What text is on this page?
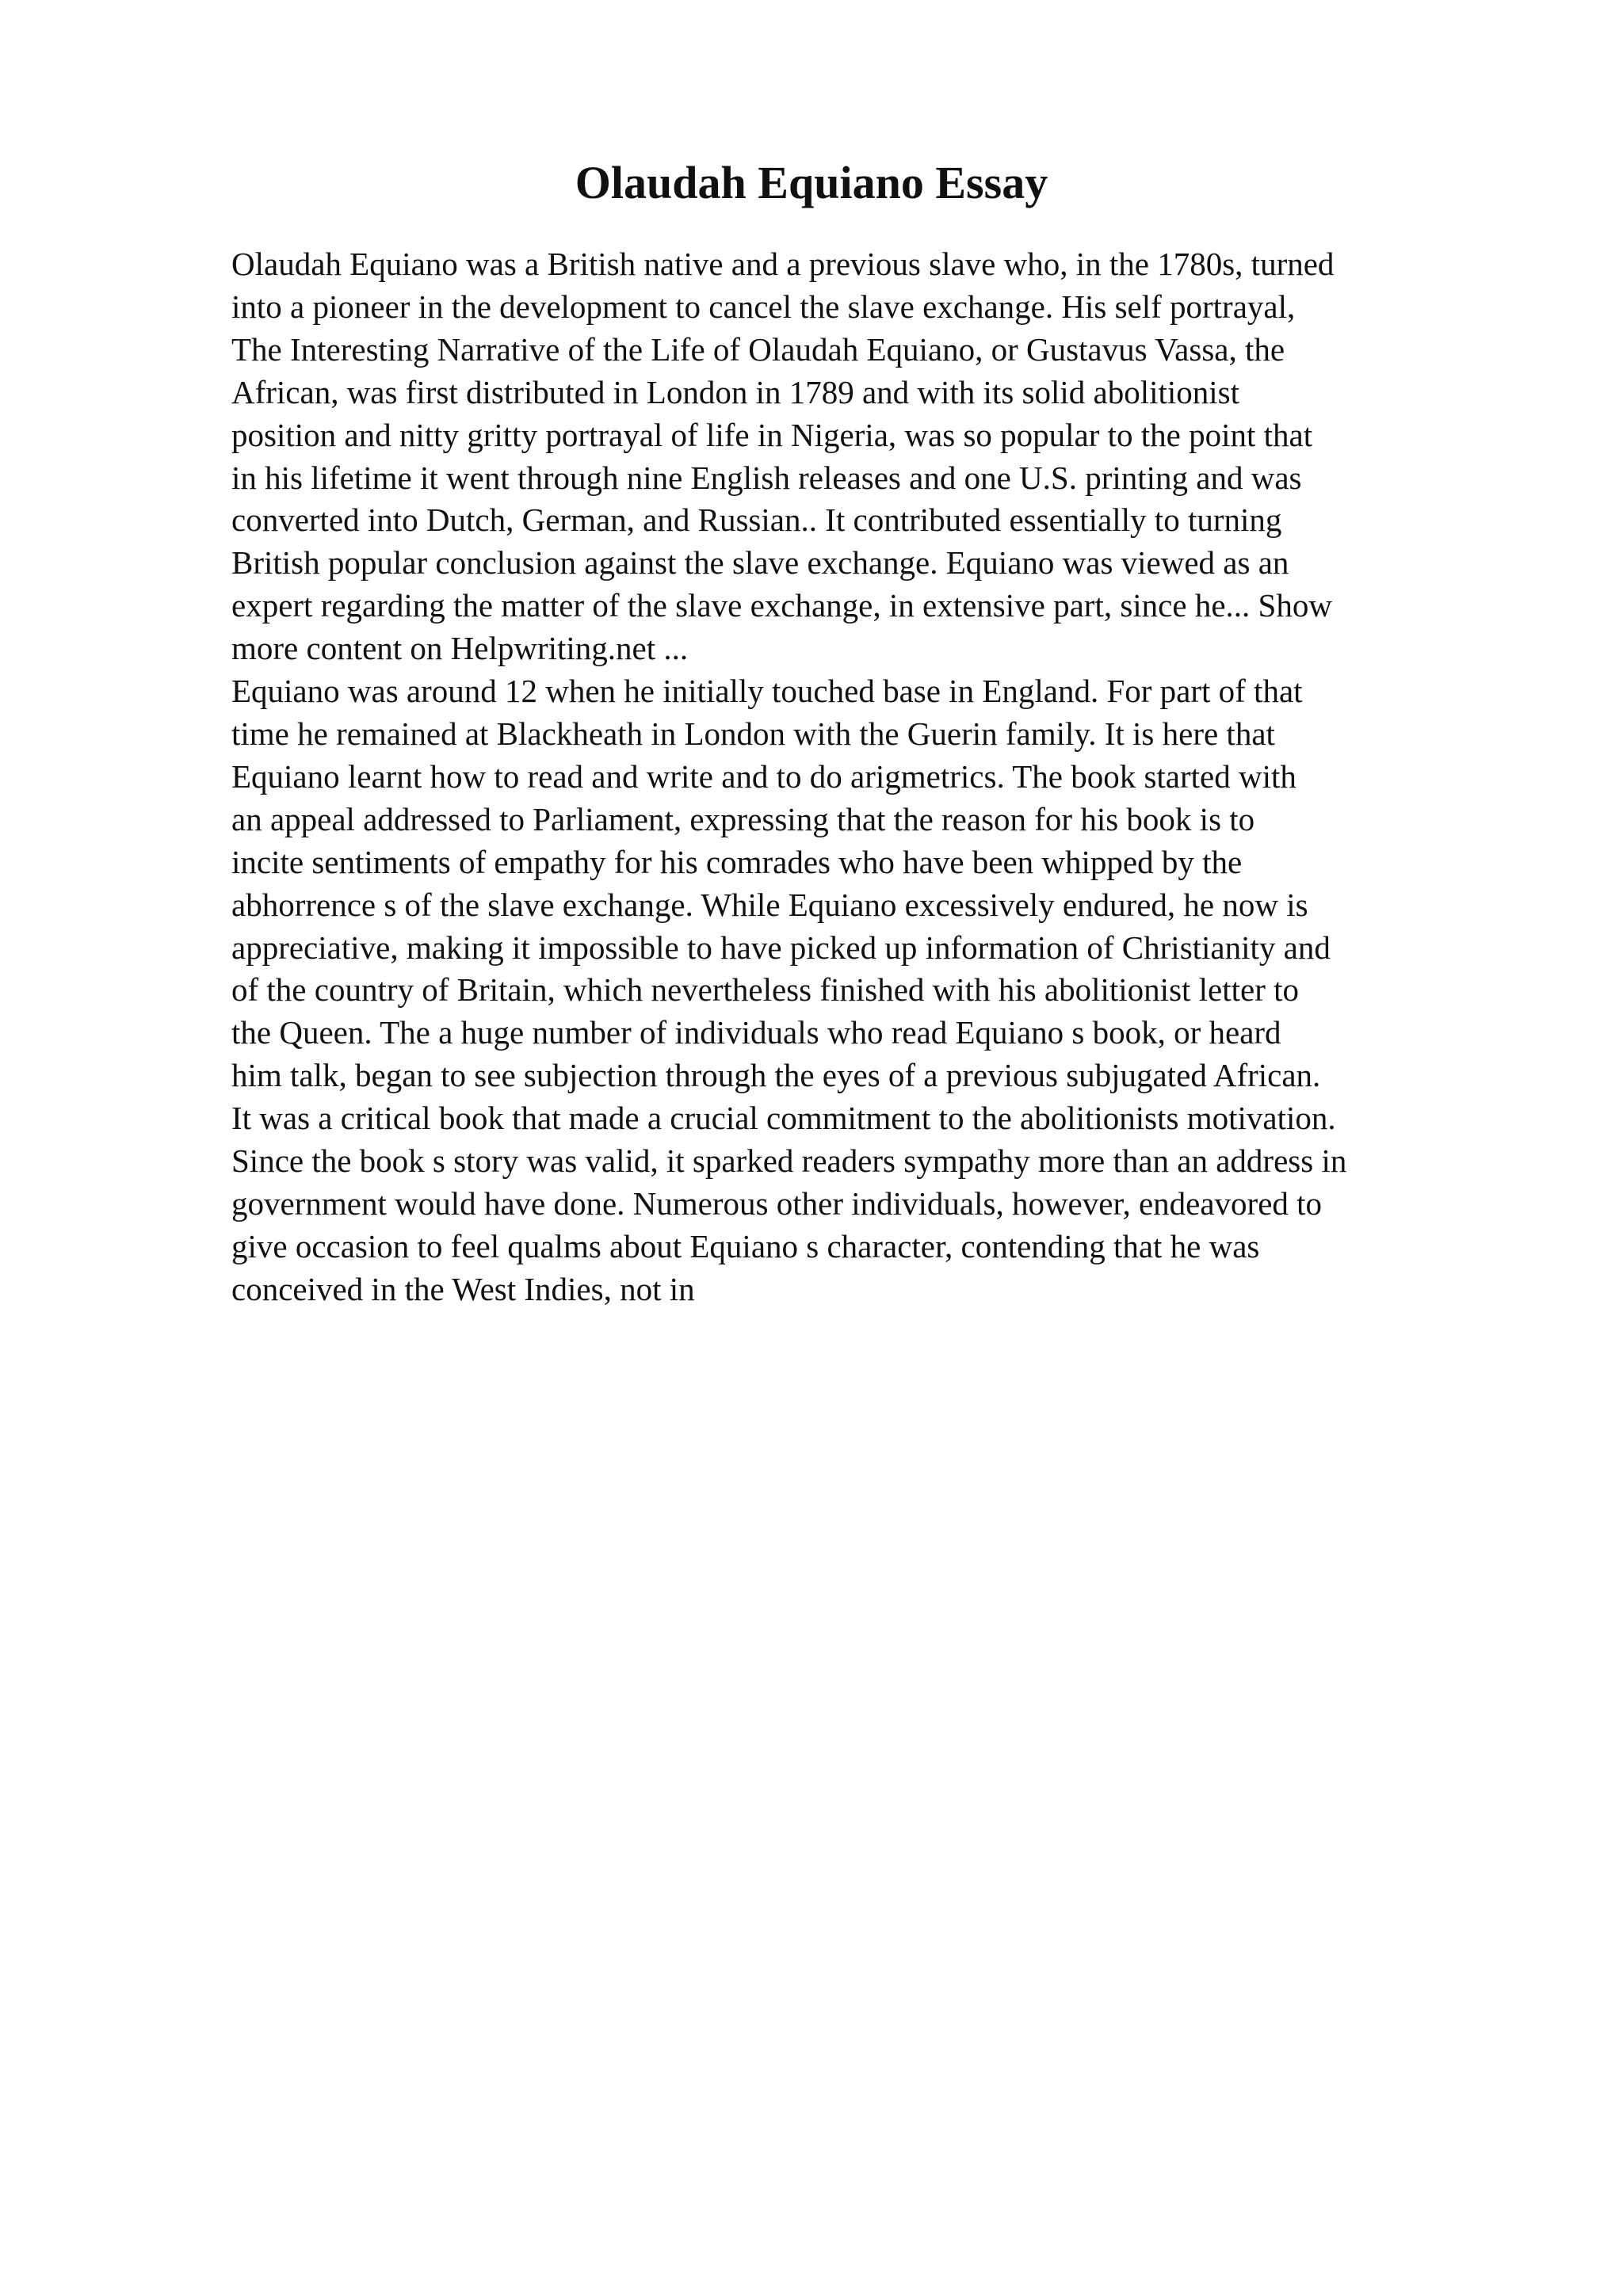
Olaudah Equiano Essay
Olaudah Equiano was a British native and a previous slave who, in the 1780s, turned
into a pioneer in the development to cancel the slave exchange. His self portrayal,
The Interesting Narrative of the Life of Olaudah Equiano, or Gustavus Vassa, the
African, was first distributed in London in 1789 and with its solid abolitionist
position and nitty gritty portrayal of life in Nigeria, was so popular to the point that
in his lifetime it went through nine English releases and one U.S. printing and was
converted into Dutch, German, and Russian.. It contributed essentially to turning
British popular conclusion against the slave exchange. Equiano was viewed as an
expert regarding the matter of the slave exchange, in extensive part, since he... Show
more content on Helpwriting.net ...
Equiano was around 12 when he initially touched base in England. For part of that
time he remained at Blackheath in London with the Guerin family. It is here that
Equiano learnt how to read and write and to do arigmetrics. The book started with
an appeal addressed to Parliament, expressing that the reason for his book is to
incite sentiments of empathy for his comrades who have been whipped by the
abhorrence s of the slave exchange. While Equiano excessively endured, he now is
appreciative, making it impossible to have picked up information of Christianity and
of the country of Britain, which nevertheless finished with his abolitionist letter to
the Queen. The a huge number of individuals who read Equiano s book, or heard
him talk, began to see subjection through the eyes of a previous subjugated African.
It was a critical book that made a crucial commitment to the abolitionists motivation.
Since the book s story was valid, it sparked readers sympathy more than an address in
government would have done. Numerous other individuals, however, endeavored to
give occasion to feel qualms about Equiano s character, contending that he was
conceived in the West Indies, not in
